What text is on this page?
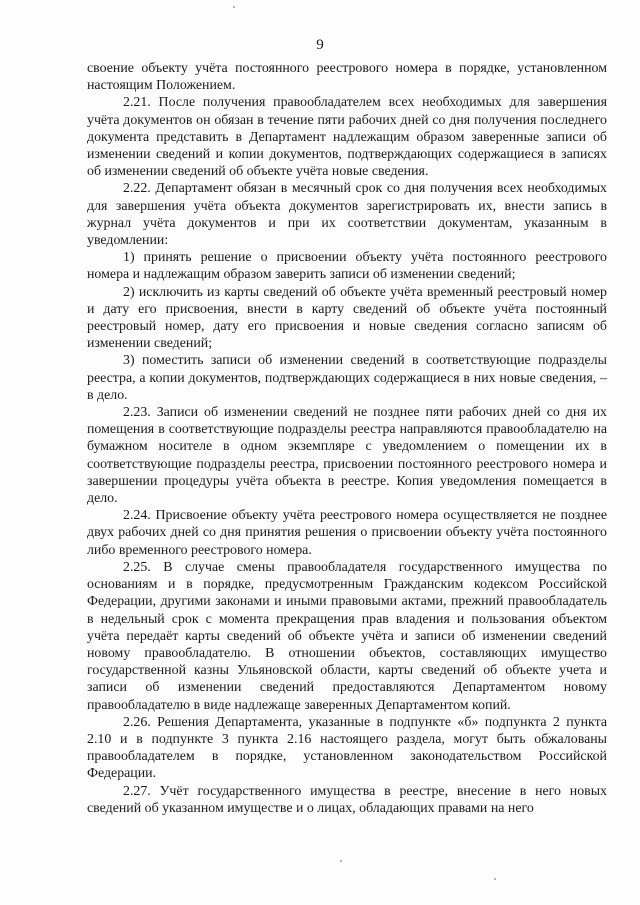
9

своение объекту учёта постоянного реестрового номера в порядке, установленном настоящим Положением.

2.21. После получения правообладателем всех необходимых для завершения учёта документов он обязан в течение пяти рабочих дней со дня получения последнего документа представить в Департамент надлежащим образом заверенные записи об изменении сведений и копии документов, подтверждающих содержащиеся в записях об изменении сведений об объекте учёта новые сведения.

2.22. Департамент обязан в месячный срок со дня получения всех необходимых для завершения учёта объекта документов зарегистрировать их, внести запись в журнал учёта документов и при их соответствии документам, указанным в уведомлении:

1) принять решение о присвоении объекту учёта постоянного реестрового номера и надлежащим образом заверить записи об изменении сведений;

2) исключить из карты сведений об объекте учёта временный реестровый номер и дату его присвоения, внести в карту сведений об объекте учёта постоянный реестровый номер, дату его присвоения и новые сведения согласно записям об изменении сведений;

3) поместить записи об изменении сведений в соответствующие подразделы реестра, а копии документов, подтверждающих содержащиеся в них новые сведения, – в дело.

2.23. Записи об изменении сведений не позднее пяти рабочих дней со дня их помещения в соответствующие подразделы реестра направляются правообладателю на бумажном носителе в одном экземпляре с уведомлением о помещении их в соответствующие подразделы реестра, присвоении постоянного реестрового номера и завершении процедуры учёта объекта в реестре. Копия уведомления помещается в дело.

2.24. Присвоение объекту учёта реестрового номера осуществляется не позднее двух рабочих дней со дня принятия решения о присвоении объекту учёта постоянного либо временного реестрового номера.

2.25. В случае смены правообладателя государственного имущества по основаниям и в порядке, предусмотренным Гражданским кодексом Российской Федерации, другими законами и иными правовыми актами, прежний правообладатель в недельный срок с момента прекращения прав владения и пользования объектом учёта передаёт карты сведений об объекте учёта и записи об изменении сведений новому правообладателю. В отношении объектов, составляющих имущество государственной казны Ульяновской области, карты сведений об объекте учета и записи об изменении сведений предоставляются Департаментом новому правообладателю в виде надлежаще заверенных Департаментом копий.

2.26. Решения Департамента, указанные в подпункте «б» подпункта 2 пункта 2.10 и в подпункте 3 пункта 2.16 настоящего раздела, могут быть обжалованы правообладателем в порядке, установленном законодательством Российской Федерации.

2.27. Учёт государственного имущества в реестре, внесение в него новых сведений об указанном имуществе и о лицах, обладающих правами на него
